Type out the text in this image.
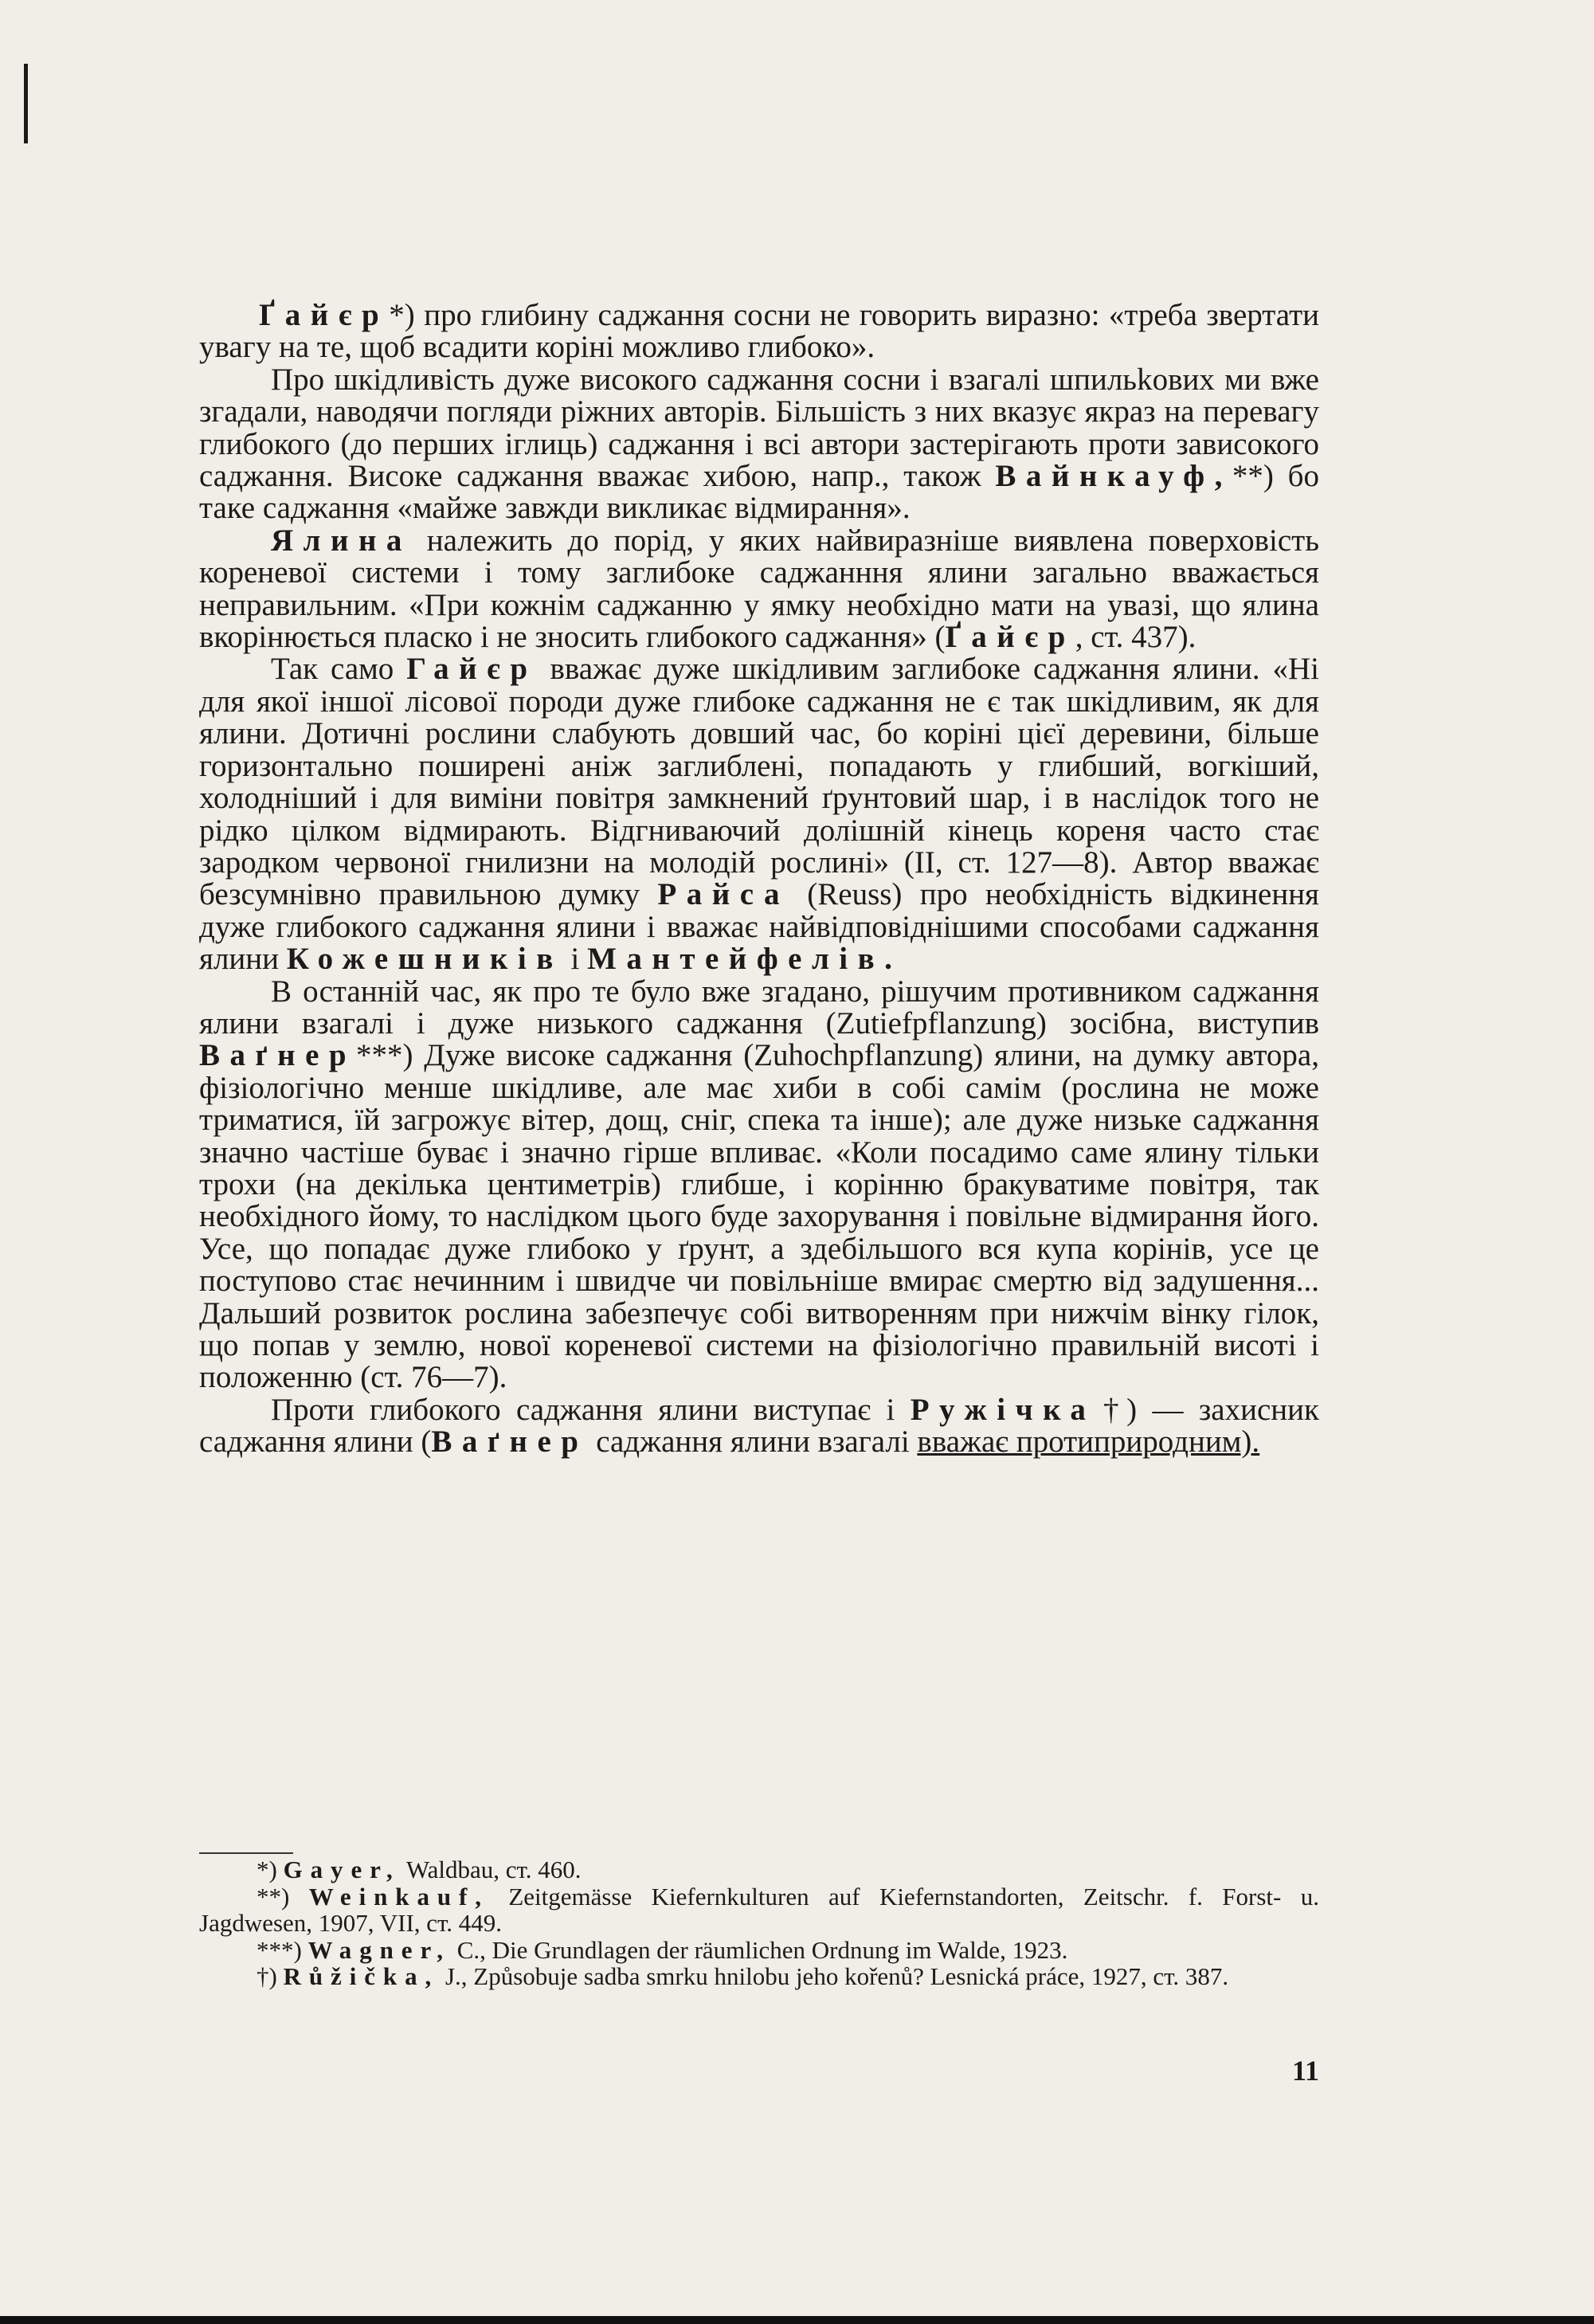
Ґайєр*) про глибину саджання сосни не говорить виразно: «треба звертати увагу на те, щоб всадити коріні можливо глибоко».

Про шкідливість дуже високого саджання сосни і взагалі шпильkoвих ми вже згадали, наводячи погляди ріжних авторів. Більшість з них вказує якраз на перевагу глибокого (до перших іглиць) саджання і всі автори застерігають проти зависокого саджання. Високе саджання вважає хибою, напр., також Вайнкауф,**) бо таке саджання «майже завжди викликає відмирання».

Ялина належить до порід, у яких найвиразніше виявлена поверховість кореневої системи і тому заглибоке саджанння ялини загально вважається неправильним. «При кожнім саджанню у ямку необхідно мати на увазі, що ялина вкорінюється пласко і не зносить глибокого саджання» (Ґайєр, ст. 437).

Так само Гайєр вважає дуже шкідливим заглибоке саджання ялини. «Ні для якої іншої лісової породи дуже глибоке саджання не є так шкідливим, як для ялини. Дотичні рослини слабують довший час, бо коріні цієї деревини, більше горизонтально поширені аніж заглиблені, попадають у глибший, вогкіший, холодніший і для виміни повітря замкнений ґрунтовий шар, і в наслідок того не рідко цілком відмирають. Відгниваючий долішній кінець кореня часто стає зародком червоної гнилизни на молодій рослині» (II, ст. 127—8). Автор вважає безсумнівно правильною думку Райса (Reuss) про необхідність відкинення дуже глибокого саджання ялини і вважає найвідповіднішими способами саджання ялини Кожешників і Мантейфелів.

В останній час, як про те було вже згадано, рішучим противником саджання ялини взагалі і дуже низького саджання (Zutiefpflanzung) зосібна, виступив Ваґнер***) Дуже високе саджання (Zuhochpflanzung) ялини, на думку автора, фізіологічно менше шкідливе, але має хиби в собі самім (рослина не може триматися, їй загрожує вітер, дощ, сніг, спека та інше); але дуже низьке саджання значно частіше буває і значно гірше впливає. «Коли посадимо саме ялину тільки трохи (на декілька центиметрів) глибше, і корінню бракуватиме повітря, так необхідного йому, то наслідком цього буде захорування і повільне відмирання його. Усе, що попадає дуже глибоко у ґрунт, а здебільшого вся купа корінів, усе це поступово стає нечинним і швидче чи повільніше вмирає смертю від задушення... Дальший розвиток рослина забезпечує собі витворенням при нижчім вінку гілок, що попав у землю, нової кореневої системи на фізіологічно правильній висоті і положенню (ст. 76—7).

Проти глибокого саджання ялини виступає і Ружічка†) — захисник саджання ялини (Ваґнер саджання ялини взагалі вважає протиприродним).

*) Gayer, Waldbau, ст. 460.

**) Weinkauf, Zeitgemässe Kiefernkulturen auf Kiefernstandorten, Zeitschr. f. Forst- u. Jagdwesen, 1907, VII, ст. 449.

***) Wagner, C., Die Grundlagen der räumlichen Ordnung im Walde, 1923.

†) Růžička, J., Způsobuje sadba smrku hnilobu jeho kořenů? Lesnická práce, 1927, ст. 387.

11
